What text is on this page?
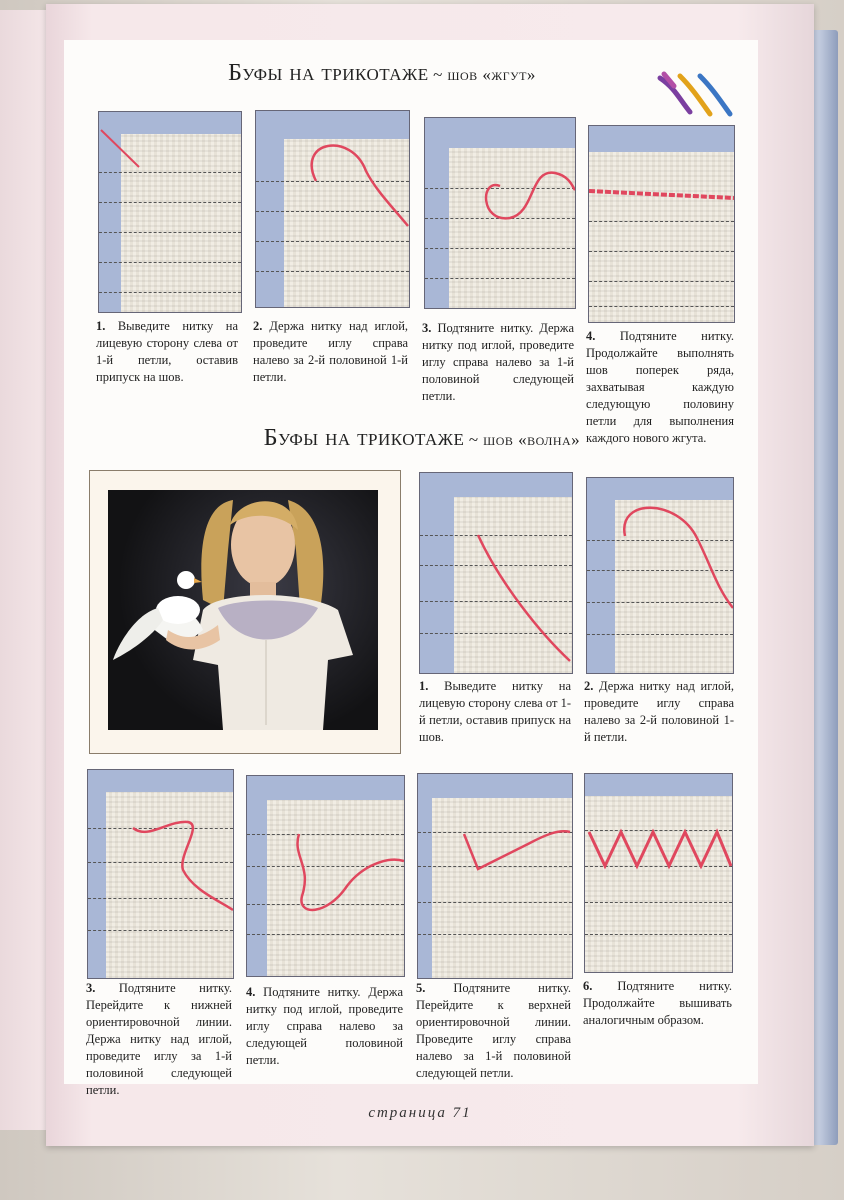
Буфы на трикотаже ~ шов «жгут»
1. Выведите нитку на лицевую сторону слева от 1-й петли, оставив припуск на шов.
2. Держа нитку над иглой, проведите иглу справа налево за 2-й половиной 1-й петли.
3. Подтяните нитку. Держа нитку под иглой, проведите иглу справа налево за 1-й половиной следующей петли.
4. Подтяните нитку. Продолжайте выполнять шов поперек ряда, захватывая каждую следующую половину петли для выполнения каждого нового жгута.
Буфы на трикотаже ~ шов «волна»
1. Выведите нитку на лицевую сторону слева от 1-й петли, оставив припуск на шов.
2. Держа нитку над иглой, проведите иглу справа налево за 2-й половиной 1-й петли.
3. Подтяните нитку. Перейдите к нижней ориентировочной линии. Держа нитку над иглой, проведите иглу за 1-й половиной следующей петли.
4. Подтяните нитку. Держа нитку под иглой, проведите иглу справа налево за следующей половиной петли.
5. Подтяните нитку. Перейдите к верхней ориентировочной линии. Проведите иглу справа налево за 1-й половиной следующей петли.
6. Подтяните нитку. Продолжайте вышивать аналогичным образом.
страница 71
